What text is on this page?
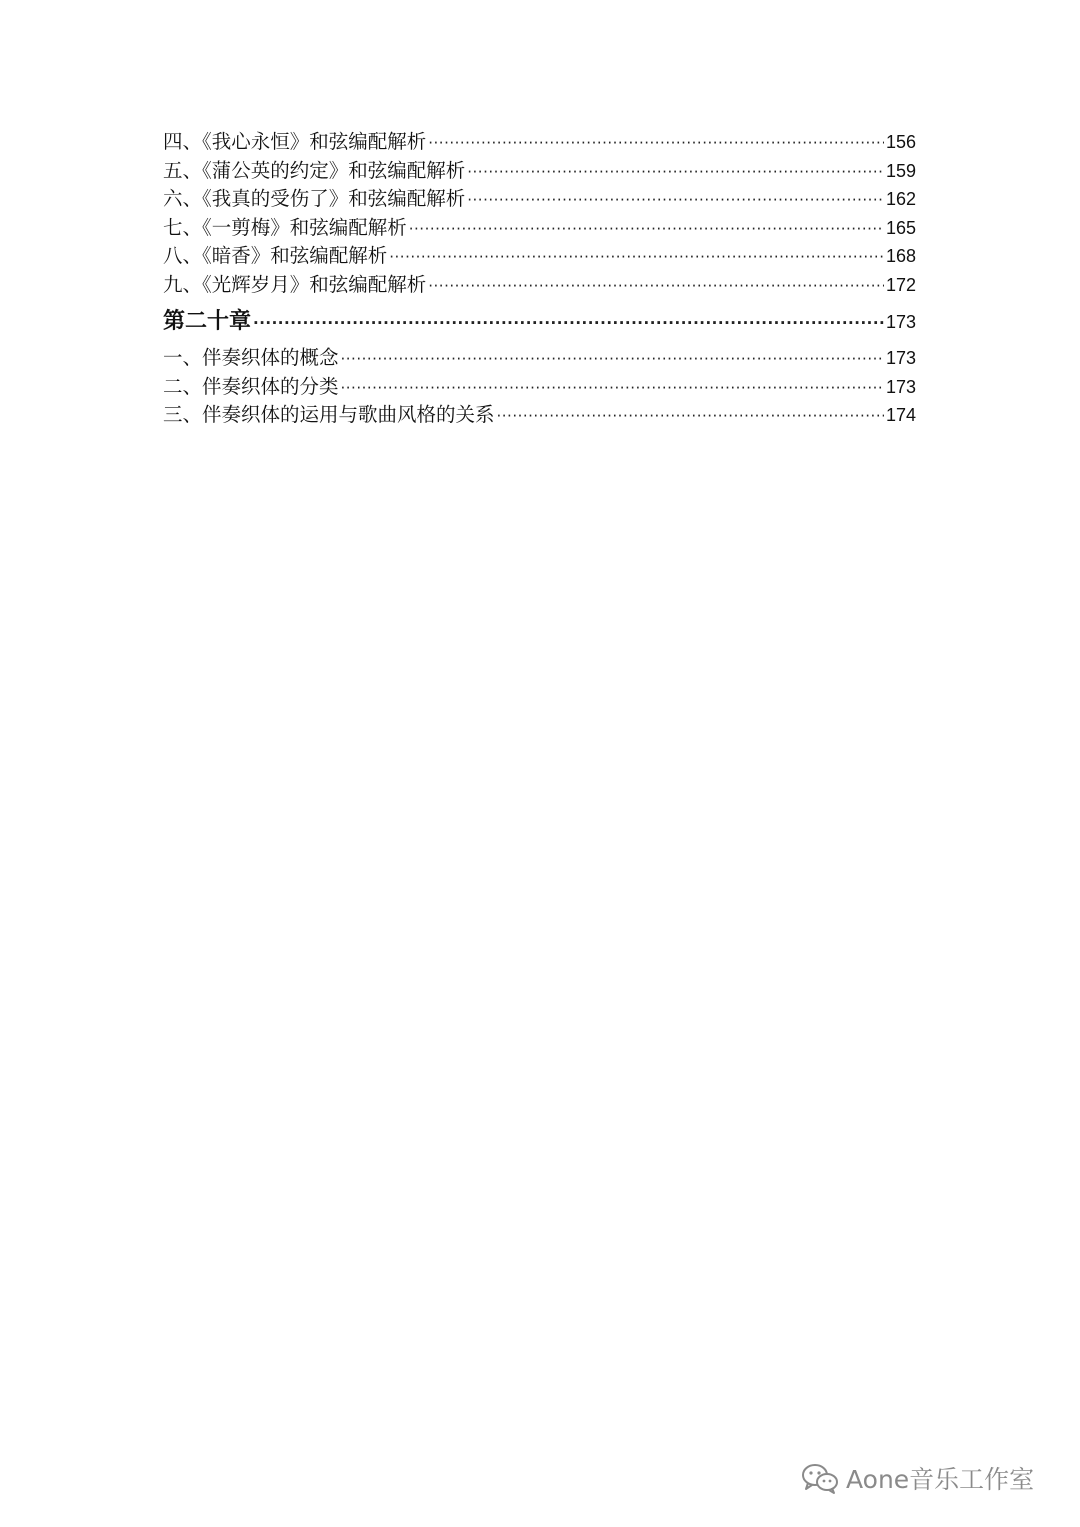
四、《我心永恒》和弦编配解析 ·····	156
五、《蒲公英的约定》和弦编配解析 ·····	159
六、《我真的受伤了》和弦编配解析 ·····	162
七、《一剪梅》和弦编配解析 ·····	165
八、《暗香》和弦编配解析 ·····	168
九、《光辉岁月》和弦编配解析 ·····	172
第二十章 ·····	173
一、伴奏织体的概念 ·····	173
二、伴奏织体的分类 ·····	173
三、伴奏织体的运用与歌曲风格的关系 ·····	174
Aone音乐工作室
